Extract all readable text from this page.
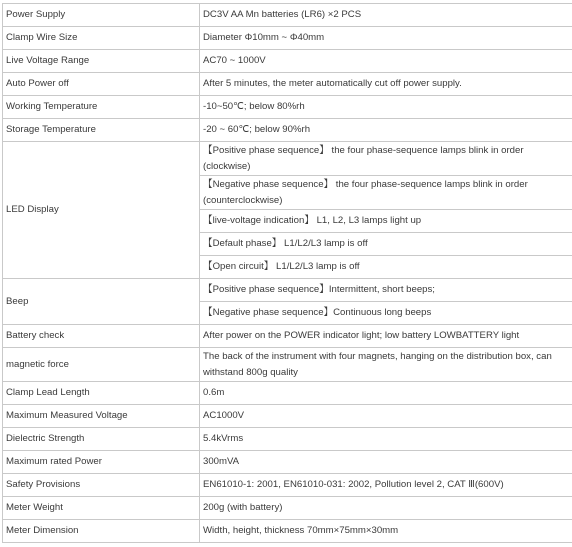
Power Supply	DC3V AA Mn batteries (LR6) ×2 PCS
Clamp Wire Size	Diameter Φ10mm ~ Φ40mm
Live Voltage Range	AC70 ~ 1000V
Auto Power off	After 5 minutes, the meter automatically cut off power supply.
Working Temperature	-10~50℃; below 80%rh
Storage Temperature	-20 ~ 60℃; below 90%rh
LED Display	【Positive phase sequence】 the four phase-sequence lamps blink in order (clockwise)
	【Negative phase sequence】 the four phase-sequence lamps blink in order (counterclockwise)
	【live-voltage indication】 L1, L2, L3 lamps light up
	【Default phase】 L1/L2/L3 lamp is off
	【Open circuit】 L1/L2/L3 lamp is off
Beep	【Positive phase sequence】Intermittent, short beeps;
	【Negative phase sequence】Continuous long beeps
Battery check	After power on the POWER indicator light; low battery LOWBATTERY light
magnetic force	The back of the instrument with four magnets, hanging on the distribution box, can withstand 800g quality
Clamp Lead Length	0.6m
Maximum Measured Voltage	AC1000V
Dielectric Strength	5.4kVrms
Maximum rated Power	300mVA
Safety Provisions	EN61010-1: 2001, EN61010-031: 2002, Pollution level 2, CAT Ⅲ(600V)
Meter Weight	200g (with battery)
Meter Dimension	Width, height, thickness 70mm×75mm×30mm
